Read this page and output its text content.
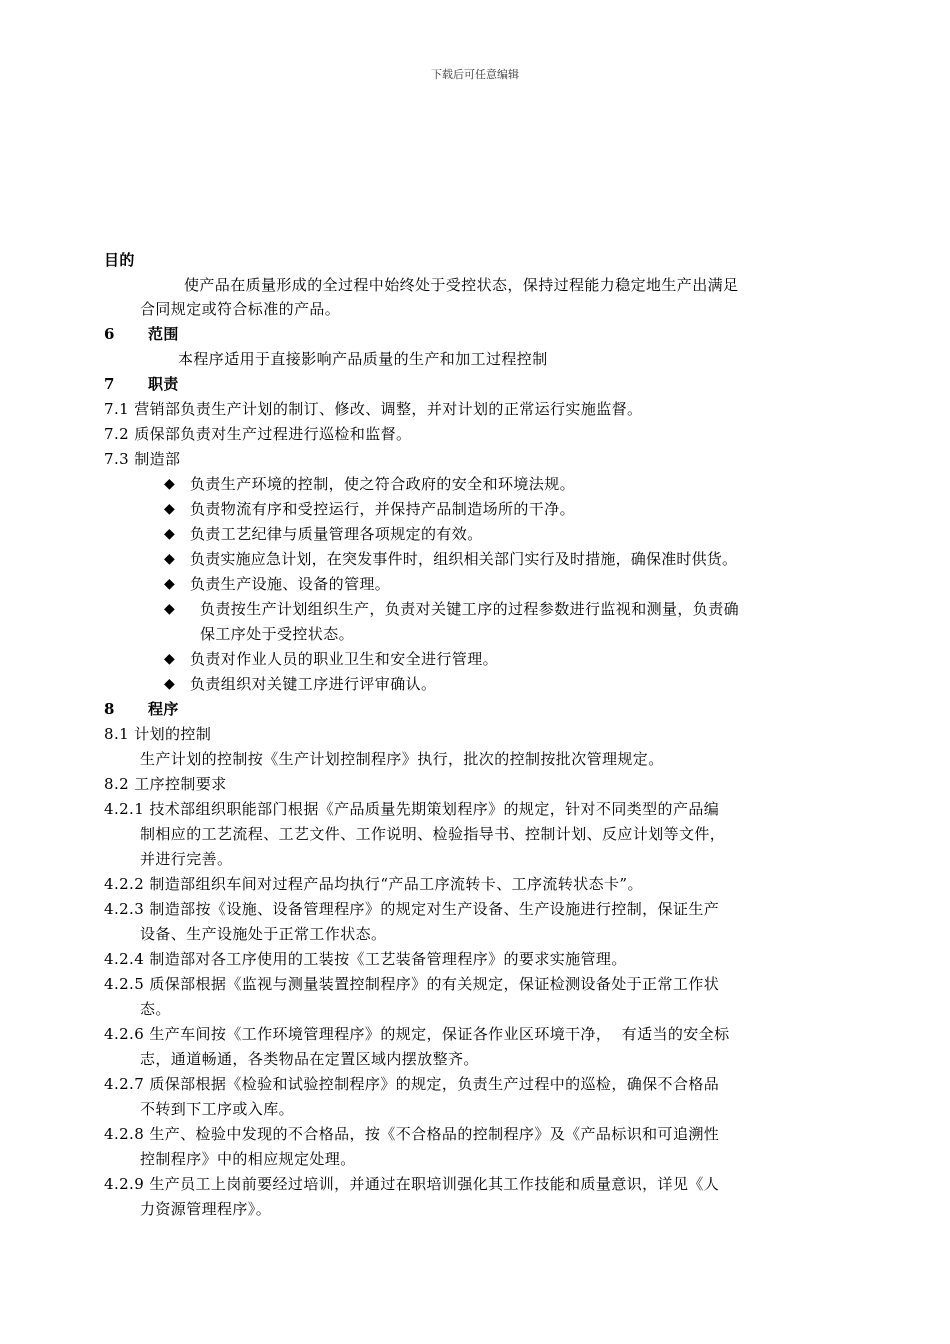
下载后可任意编辑
目的
使产品在质量形成的全过程中始终处于受控状态，保持过程能力稳定地生产出满足
合同规定或符合标准的产品。
6 范围
本程序适用于直接影响产品质量的生产和加工过程控制
7 职责
7.1 营销部负责生产计划的制订、修改、调整，并对计划的正常运行实施监督。
7.2 质保部负责对生产过程进行巡检和监督。
7.3 制造部
◆ 负责生产环境的控制，使之符合政府的安全和环境法规。
◆ 负责物流有序和受控运行，并保持产品制造场所的干净。
◆ 负责工艺纪律与质量管理各项规定的有效。
◆ 负责实施应急计划，在突发事件时，组织相关部门实行及时措施，确保准时供货。
◆ 负责生产设施、设备的管理。
◆ 负责按生产计划组织生产，负责对关键工序的过程参数进行监视和测量，负责确
保工序处于受控状态。
◆ 负责对作业人员的职业卫生和安全进行管理。
◆ 负责组织对关键工序进行评审确认。
8 程序
8.1 计划的控制
生产计划的控制按《生产计划控制程序》执行，批次的控制按批次管理规定。
8.2 工序控制要求
4.2.1 技术部组织职能部门根据《产品质量先期策划程序》的规定，针对不同类型的产品编
制相应的工艺流程、工艺文件、工作说明、检验指导书、控制计划、反应计划等文件，
并进行完善。
4.2.2 制造部组织车间对过程产品均执行“产品工序流转卡、工序流转状态卡”。
4.2.3 制造部按《设施、设备管理程序》的规定对生产设备、生产设施进行控制，保证生产
设备、生产设施处于正常工作状态。
4.2.4 制造部对各工序使用的工装按《工艺装备管理程序》的要求实施管理。
4.2.5 质保部根据《监视与测量装置控制程序》的有关规定，保证检测设备处于正常工作状
态。
4.2.6 生产车间按《工作环境管理程序》的规定，保证各作业区环境干净，  有适当的安全标
志，通道畅通，各类物品在定置区域内摆放整齐。
4.2.7 质保部根据《检验和试验控制程序》的规定，负责生产过程中的巡检，确保不合格品
不转到下工序或入库。
4.2.8 生产、检验中发现的不合格品，按《不合格品的控制程序》及《产品标识和可追溯性
控制程序》中的相应规定处理。
4.2.9 生产员工上岗前要经过培训，并通过在职培训强化其工作技能和质量意识，详见《人
力资源管理程序》。
